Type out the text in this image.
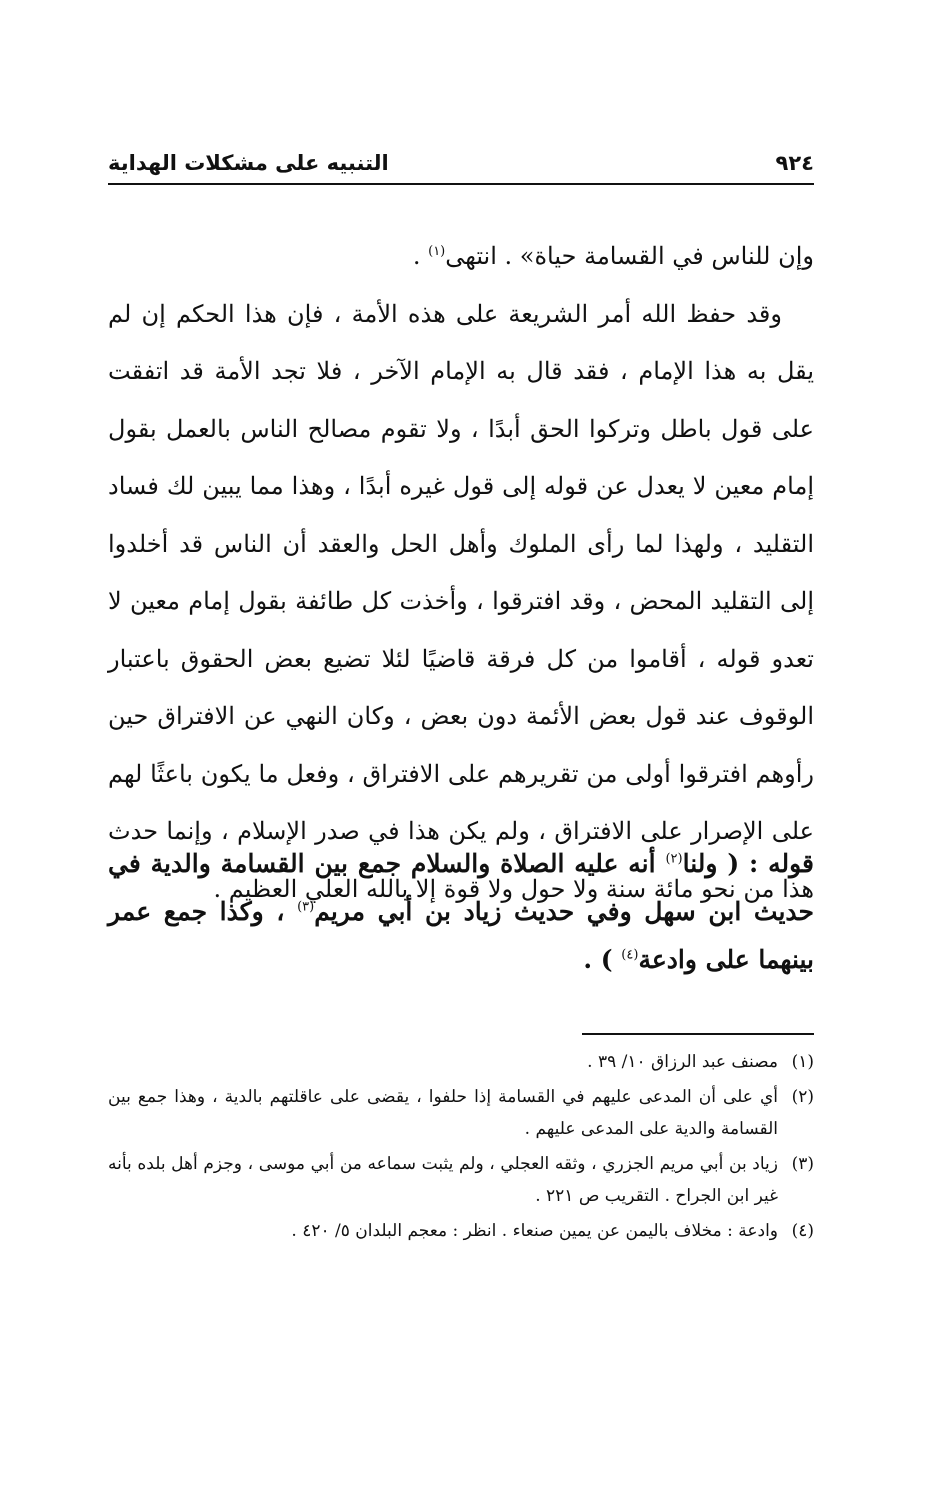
٩٢٤
التنبيه على مشكلات الهداية

وإن للناس في القسامة حياة» . انتهى$^{(١)}$ .

وقد حفظ الله أمر الشريعة على هذه الأمة ، فإن هذا الحكم إن لم يقل به هذا الإمام ، فقد قال به الإمام الآخر ، فلا تجد الأمة قد اتفقت على قول باطل وتركوا الحق أبدًا ، ولا تقوم مصالح الناس بالعمل بقول إمام معين لا يعدل عن قوله إلى قول غيره أبدًا ، وهذا مما يبين لك فساد التقليد ، ولهذا لما رأى الملوك وأهل الحل والعقد أن الناس قد أخلدوا إلى التقليد المحض ، وقد افترقوا ، وأخذت كل طائفة بقول إمام معين لا تعدو قوله ، أقاموا من كل فرقة قاضيًا لئلا تضيع بعض الحقوق باعتبار الوقوف عند قول بعض الأئمة دون بعض ، وكان النهي عن الافتراق حين رأوهم افترقوا أولى من تقريرهم على الافتراق ، وفعل ما يكون باعثًا لهم على الإصرار على الافتراق ، ولم يكن هذا في صدر الإسلام ، وإنما حدث هذا من نحو مائة سنة ولا حول ولا قوة إلا بالله العلي العظيم .

قوله : ( ولنا$^{(٢)}$ أنه عليه الصلاة والسلام جمع بين القسامة والدية في حديث ابن سهل وفي حديث زياد بن أبي مريم$^{(٣)}$ ، وكذا جمع عمر بينهما على وادعة$^{(٤)}$ ) .

(١)
مصنف عبد الرزاق ١٠/ ٣٩ .
(٢)
أي على أن المدعى عليهم في القسامة إذا حلفوا ، يقضى على عاقلتهم بالدية ، وهذا جمع بين القسامة والدية على المدعى عليهم .
(٣)
زياد بن أبي مريم الجزري ، وثقه العجلي ، ولم يثبت سماعه من أبي موسى ، وجزم أهل بلده بأنه غير ابن الجراح . التقريب ص ٢٢١ .
(٤)
وادعة : مخلاف باليمن عن يمين صنعاء . انظر : معجم البلدان ٥/ ٤٢٠ .
